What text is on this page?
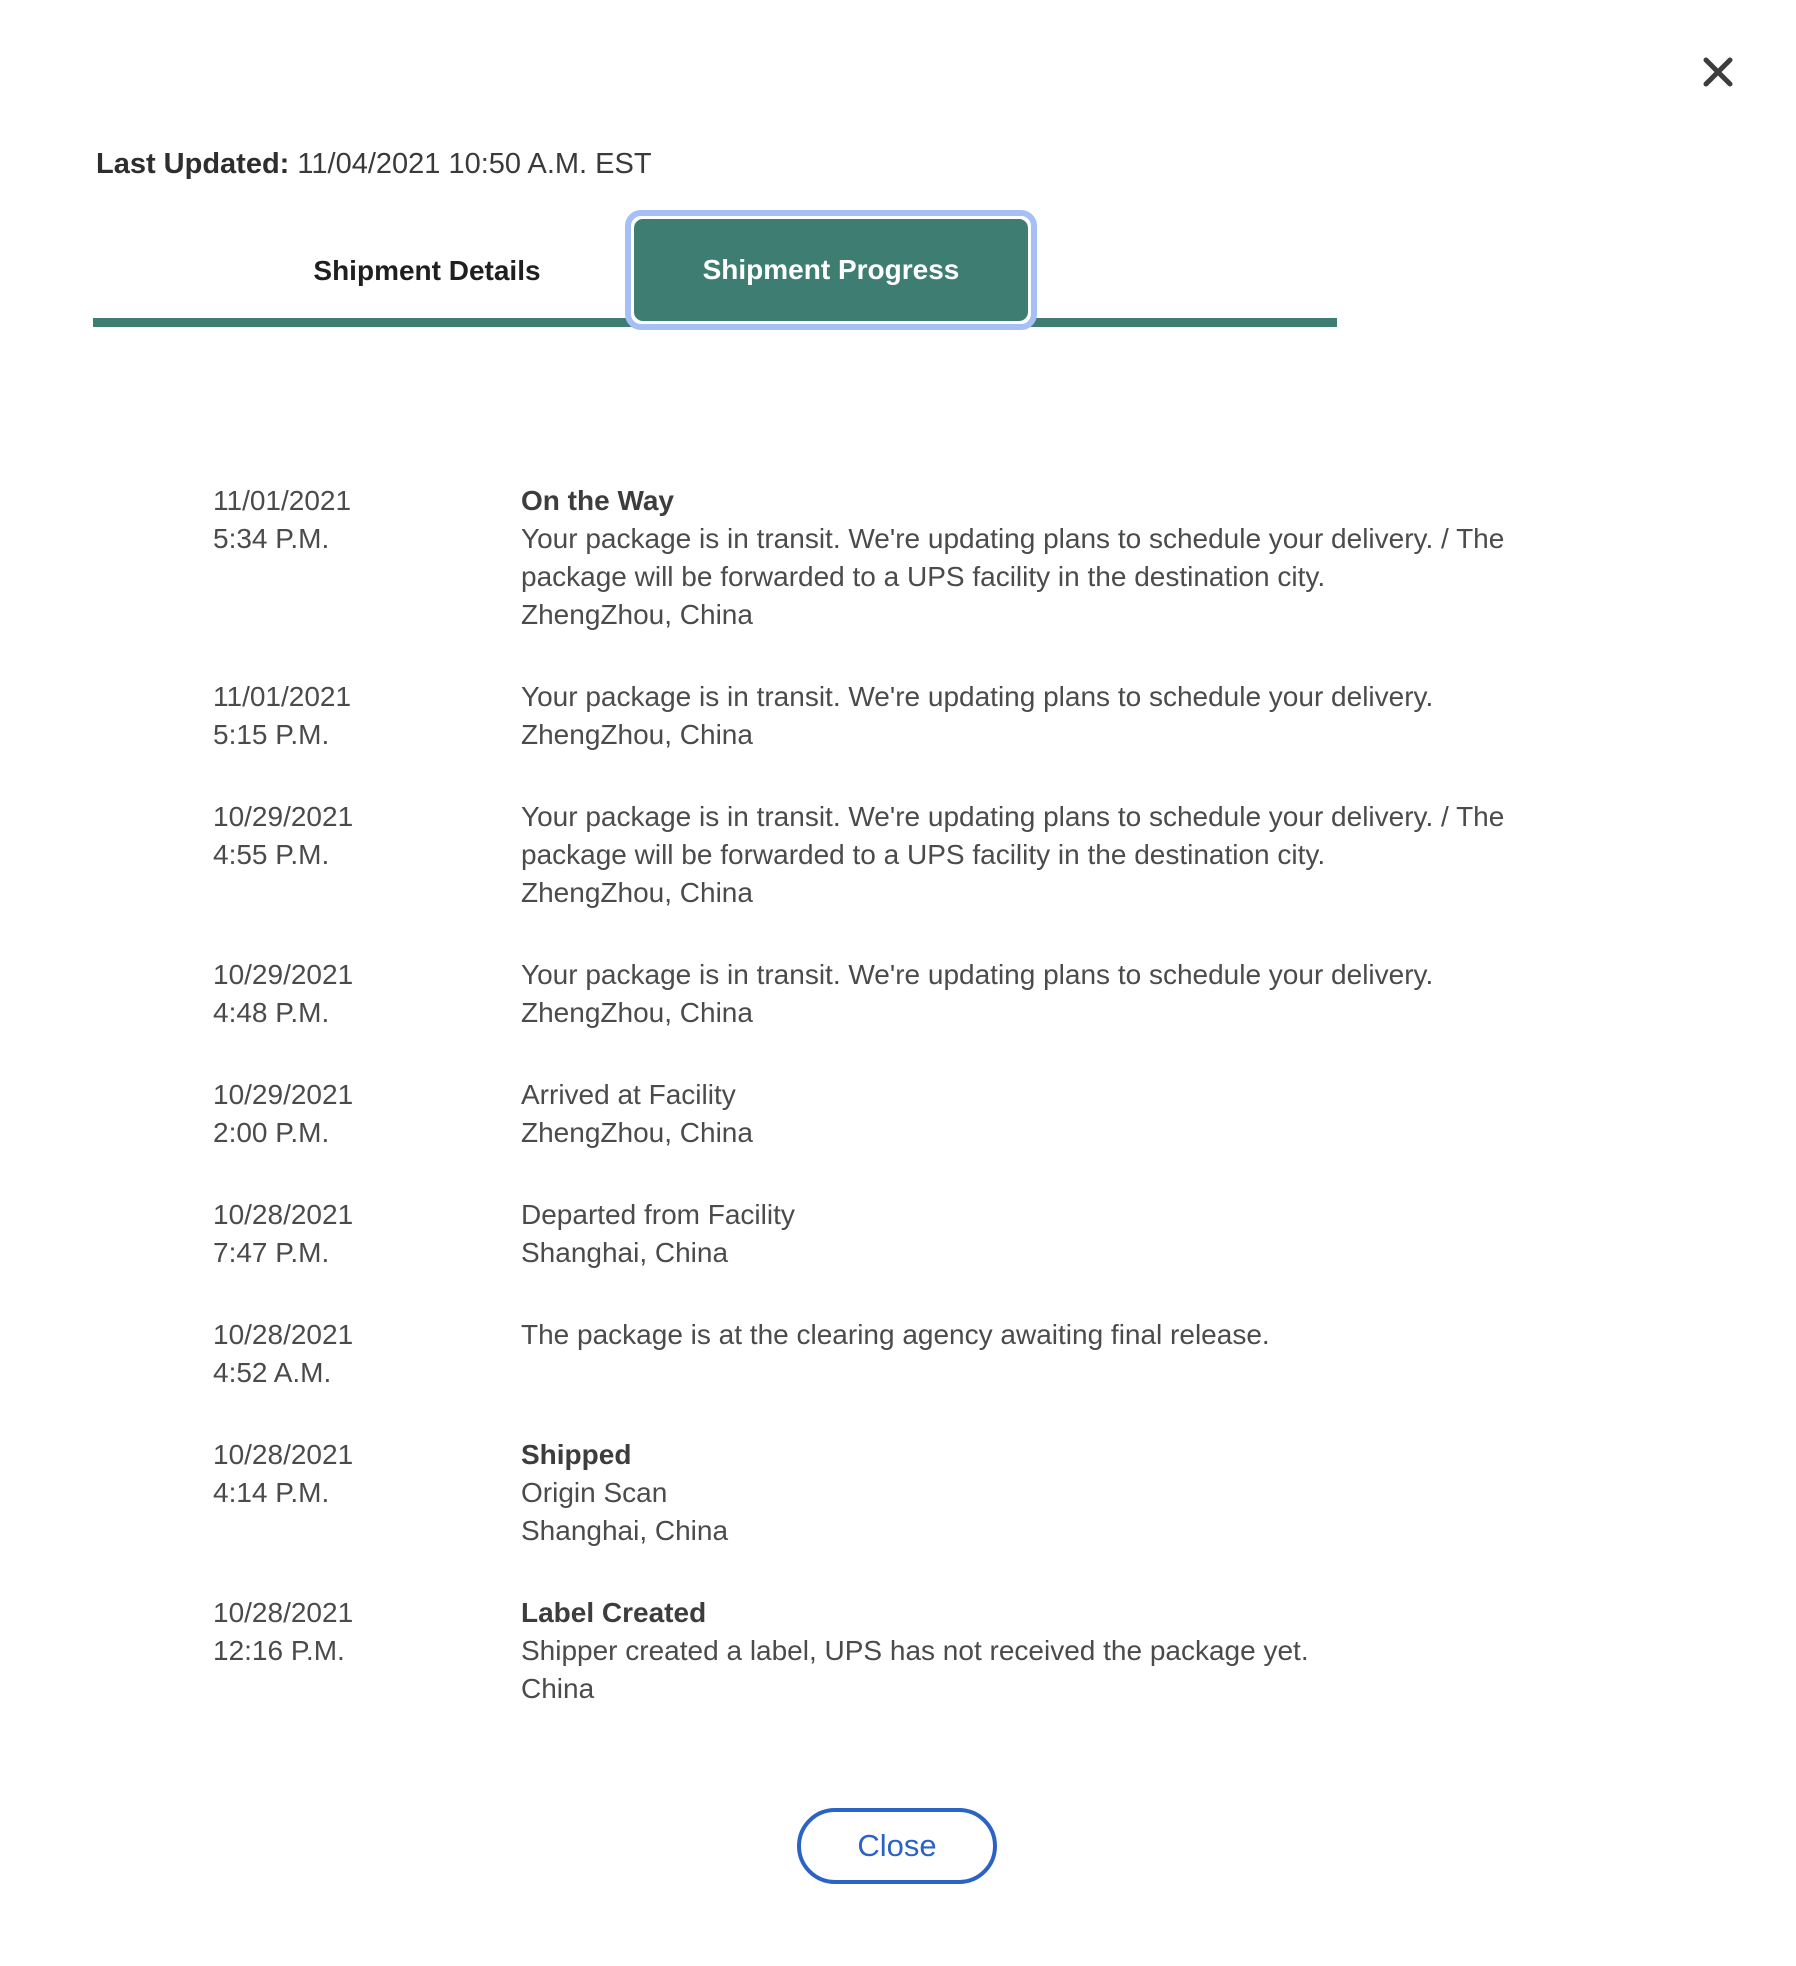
Last Updated: 11/04/2021 10:50 A.M. EST
Shipment Details	Shipment Progress
11/01/2021
5:34 P.M.
On the Way
Your package is in transit. We're updating plans to schedule your delivery. / The package will be forwarded to a UPS facility in the destination city.
ZhengZhou, China
11/01/2021
5:15 P.M.
Your package is in transit. We're updating plans to schedule your delivery.
ZhengZhou, China
10/29/2021
4:55 P.M.
Your package is in transit. We're updating plans to schedule your delivery. / The package will be forwarded to a UPS facility in the destination city.
ZhengZhou, China
10/29/2021
4:48 P.M.
Your package is in transit. We're updating plans to schedule your delivery.
ZhengZhou, China
10/29/2021
2:00 P.M.
Arrived at Facility
ZhengZhou, China
10/28/2021
7:47 P.M.
Departed from Facility
Shanghai, China
10/28/2021
4:52 A.M.
The package is at the clearing agency awaiting final release.
10/28/2021
4:14 P.M.
Shipped
Origin Scan
Shanghai, China
10/28/2021
12:16 P.M.
Label Created
Shipper created a label, UPS has not received the package yet.
China
Close
